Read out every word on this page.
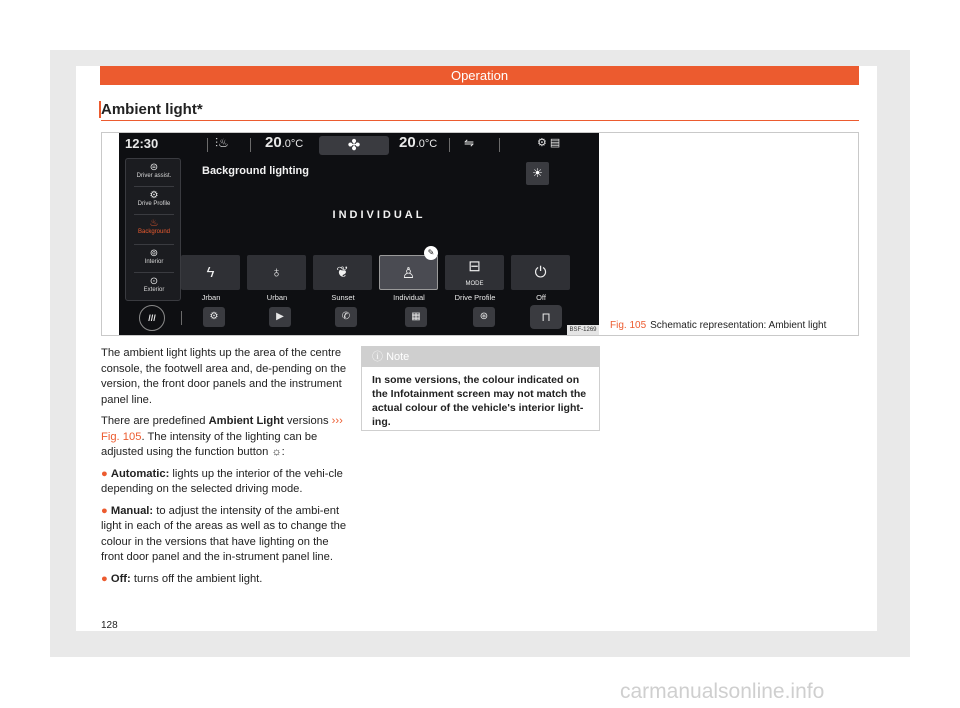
Operation
Ambient light*
12:30	⫶♨ 20.0°C	✤	20.0°C ⇋	⚙ ▤
⊜
Driver assist.
⚙
Drive Profile
♨
Background
⊚
Interior
⊙
Exterior
Background lighting	☀
INDIVIDUAL
ϟ	♁	❦	♙
✎
⊟
MODE
⏻
Jrban	Urban	Sunset	Individual	Drive Profile	Off
///	⚙	▶	✆	▦	⊛	⊓
BSF-1269 Fig. 105 Schematic representation: Ambient light

The ambient light lights up the area of the centre console, the footwell area and, de-pending on the version, the front door panels and the instrument panel line.

There are predefined Ambient Light versions ››› Fig. 105. The intensity of the lighting can be adjusted using the function button ☼:

● Automatic: lights up the interior of the vehi-cle depending on the selected driving mode.

● Manual: to adjust the intensity of the ambi-ent light in each of the areas as well as to change the colour in the versions that have lighting on the front door panel and the in-strument panel line.

● Off: turns off the ambient light.

ⓘ Note
In some versions, the colour indicated on the Infotainment screen may not match the actual colour of the vehicle's interior light-ing.
128
carmanualsonline.info
